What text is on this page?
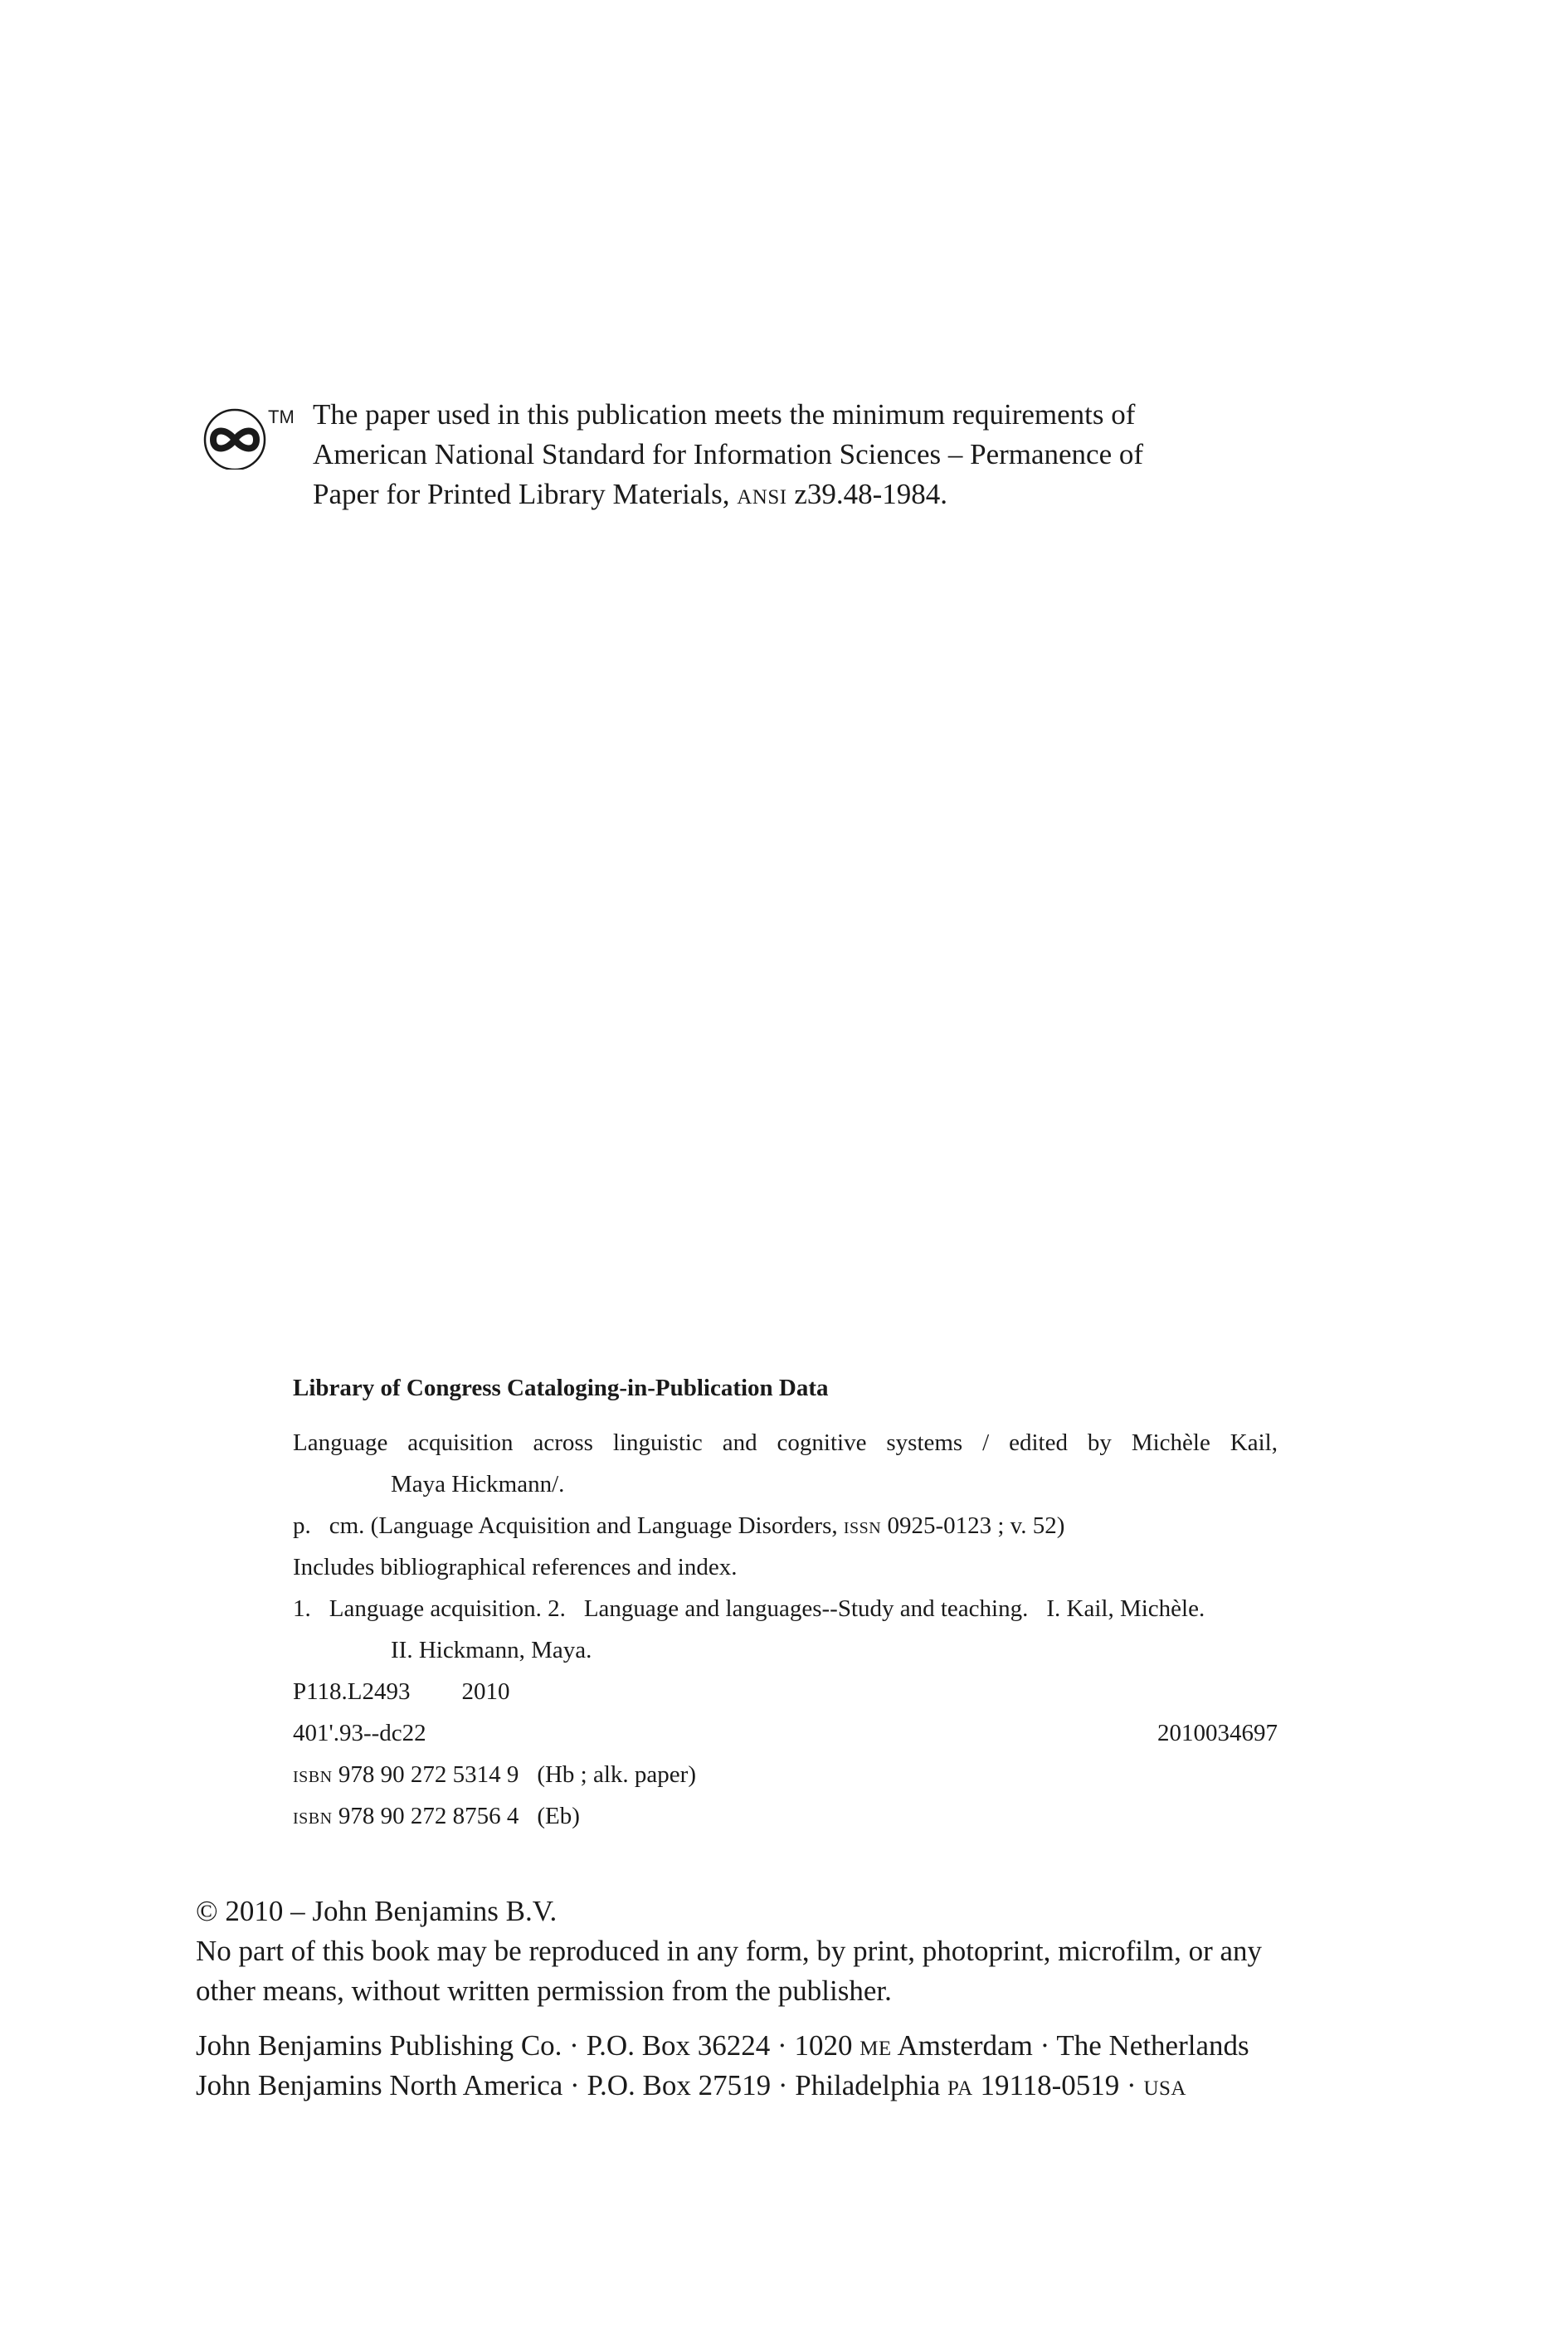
TM The paper used in this publication meets the minimum requirements of
American National Standard for Information Sciences – Permanence of
Paper for Printed Library Materials, ansi z39.48-1984.
Library of Congress Cataloging-in-Publication Data
Language acquisition across linguistic and cognitive systems / edited by Michèle Kail,
Maya Hickmann/.
p. cm. (Language Acquisition and Language Disorders, issn 0925-0123 ; v. 52)
Includes bibliographical references and index.
1. Language acquisition. 2. Language and languages--Study and teaching. I. Kail, Michèle.
II. Hickmann, Maya.
P118.L2493 2010
401'.93--dc22	2010034697
isbn 978 90 272 5314 9 (Hb ; alk. paper)
isbn 978 90 272 8756 4 (Eb)
© 2010 – John Benjamins B.V.
No part of this book may be reproduced in any form, by print, photoprint, microfilm, or any
other means, without written permission from the publisher.
John Benjamins Publishing Co. · P.O. Box 36224 · 1020 me Amsterdam · The Netherlands
John Benjamins North America · P.O. Box 27519 · Philadelphia pa 19118-0519 · usa
